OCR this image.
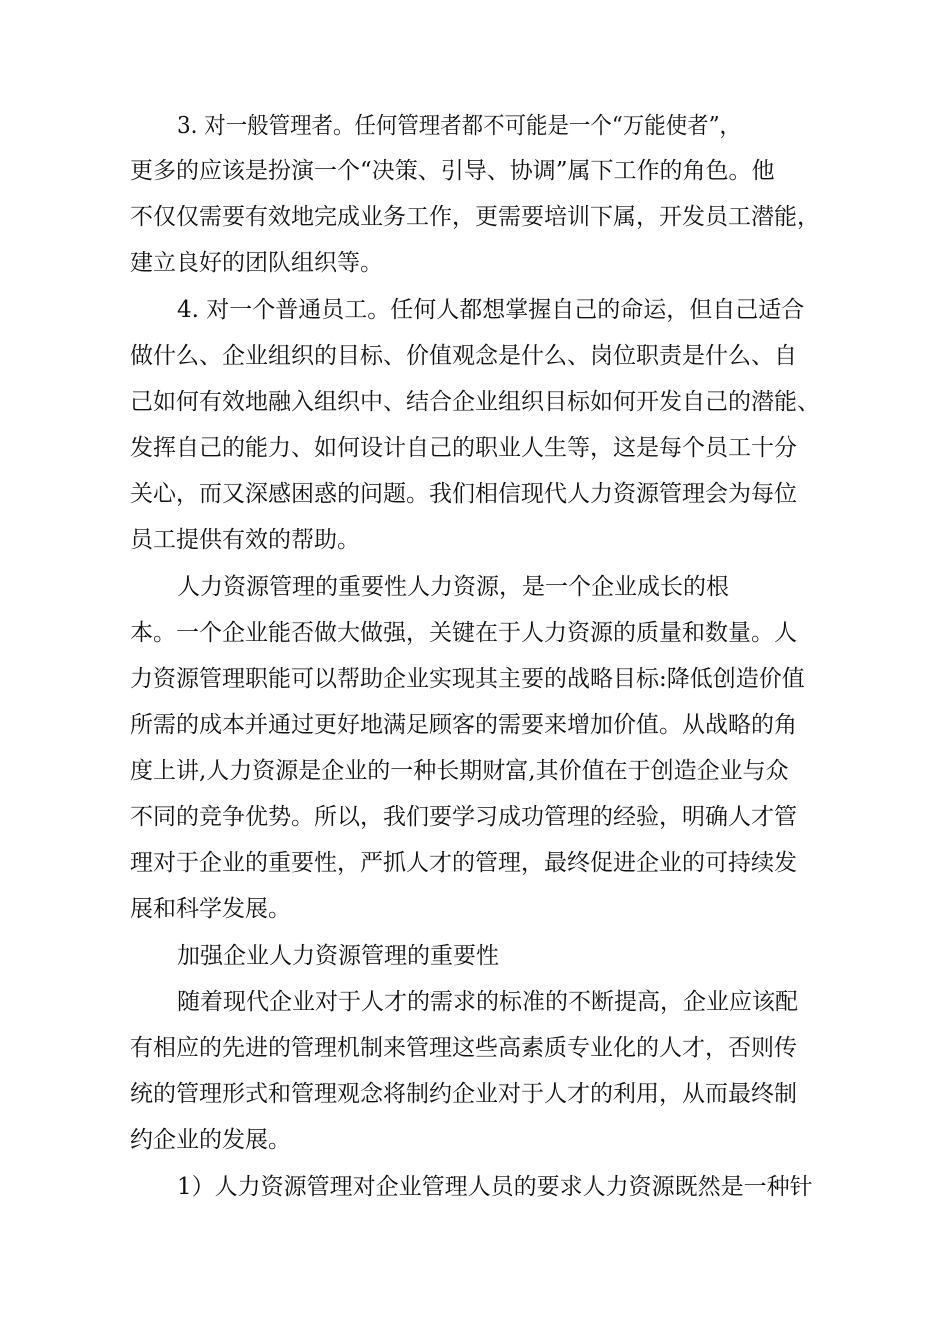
3. 对一般管理者。任何管理者都不可能是一个“万能使者”，
更多的应该是扮演一个“决策、引导、协调”属下工作的角色。他
不仅仅需要有效地完成业务工作，更需要培训下属，开发员工潜能，
建立良好的团队组织等。
4. 对一个普通员工。任何人都想掌握自己的命运，但自己适合
做什么、企业组织的目标、价值观念是什么、岗位职责是什么、自
己如何有效地融入组织中、结合企业组织目标如何开发自己的潜能、
发挥自己的能力、如何设计自己的职业人生等，这是每个员工十分
关心，而又深感困惑的问题。我们相信现代人力资源管理会为每位
员工提供有效的帮助。
人力资源管理的重要性人力资源，是一个企业成长的根
本。一个企业能否做大做强，关键在于人力资源的质量和数量。人
力资源管理职能可以帮助企业实现其主要的战略目标:降低创造价值
所需的成本并通过更好地满足顾客的需要来增加价值。从战略的角
度上讲,人力资源是企业的一种长期财富,其价值在于创造企业与众
不同的竞争优势。所以，我们要学习成功管理的经验，明确人才管
理对于企业的重要性，严抓人才的管理，最终促进企业的可持续发
展和科学发展。
加强企业人力资源管理的重要性
随着现代企业对于人才的需求的标准的不断提高，企业应该配
有相应的先进的管理机制来管理这些高素质专业化的人才，否则传
统的管理形式和管理观念将制约企业对于人才的利用，从而最终制
约企业的发展。
1）人力资源管理对企业管理人员的要求人力资源既然是一种针
